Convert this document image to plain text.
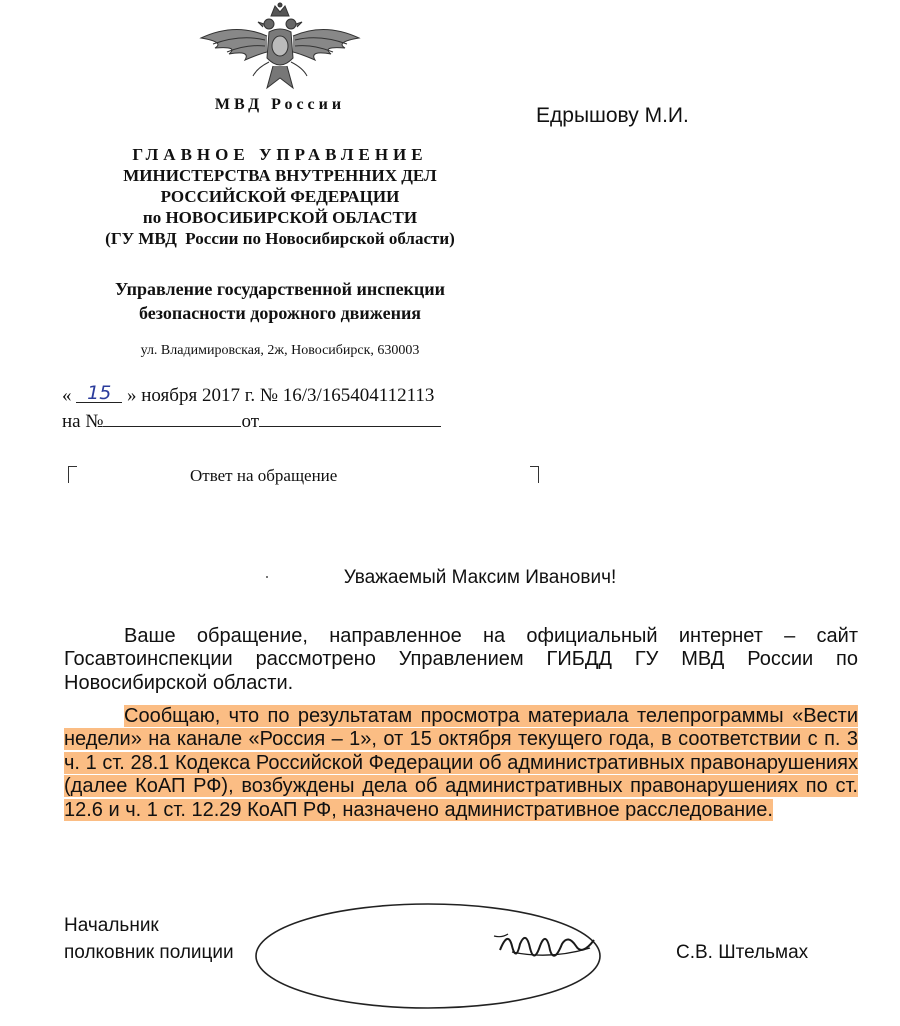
МВД России	Едрышову М.И.
ГЛАВНОЕ УПРАВЛЕНИЕ
МИНИСТЕРСТВА ВНУТРЕННИХ ДЕЛ
РОССИЙСКОЙ ФЕДЕРАЦИИ
по НОВОСИБИРСКОЙ ОБЛАСТИ
(ГУ МВД  России по Новосибирской области)
Управление государственной инспекции
безопасности дорожного движения
ул. Владимировская, 2ж, Новосибирск, 630003
« 15 » ноября 2017 г. № 16/3/165404112113
на №	от
Ответ на обращение
Уважаемый Максим Иванович!
Ваше обращение, направленное на официальный интернет – сайт Госавтоинспекции рассмотрено Управлением ГИБДД ГУ МВД России по Новосибирской области.
Сообщаю, что по результатам просмотра материала телепрограммы «Вести недели» на канале «Россия – 1», от 15 октября текущего года, в соответствии с п. 3 ч. 1 ст. 28.1 Кодекса Российской Федерации об административных правонарушениях (далее КоАП РФ), возбуждены дела об административных правонарушениях по ст. 12.6 и ч. 1 ст. 12.29 КоАП РФ, назначено административное расследование.
Начальник
полковник полиции	С.В. Штельмах
